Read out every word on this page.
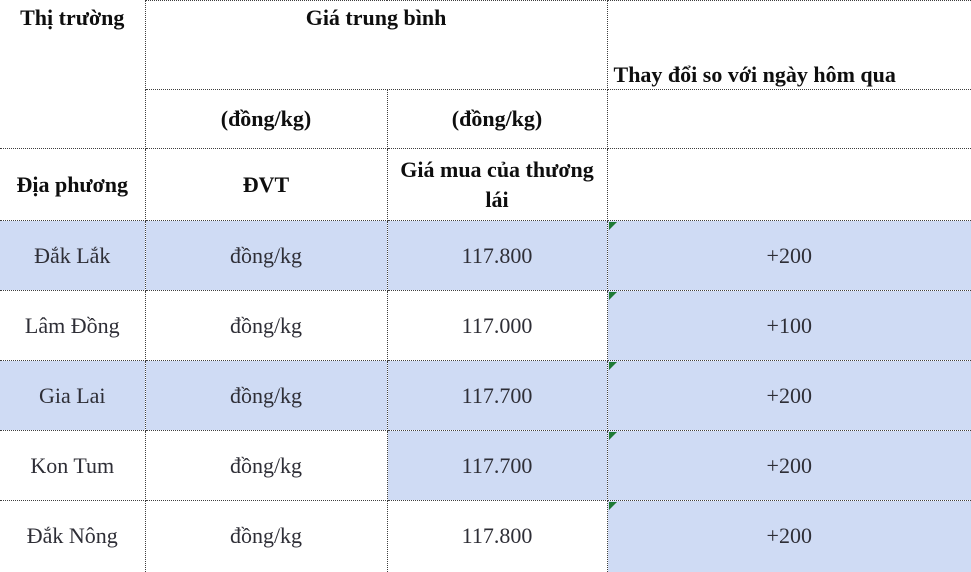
Thị trường	Giá trung bình		Thay đổi so với ngày hôm qua
	(đồng/kg)	(đồng/kg)	
Địa phương	ĐVT	Giá mua của thương lái	
Đắk Lắk	đồng/kg	117.800	+200
Lâm Đồng	đồng/kg	117.000	+100
Gia Lai	đồng/kg	117.700	+200
Kon Tum	đồng/kg	117.700	+200
Đắk Nông	đồng/kg	117.800	+200
